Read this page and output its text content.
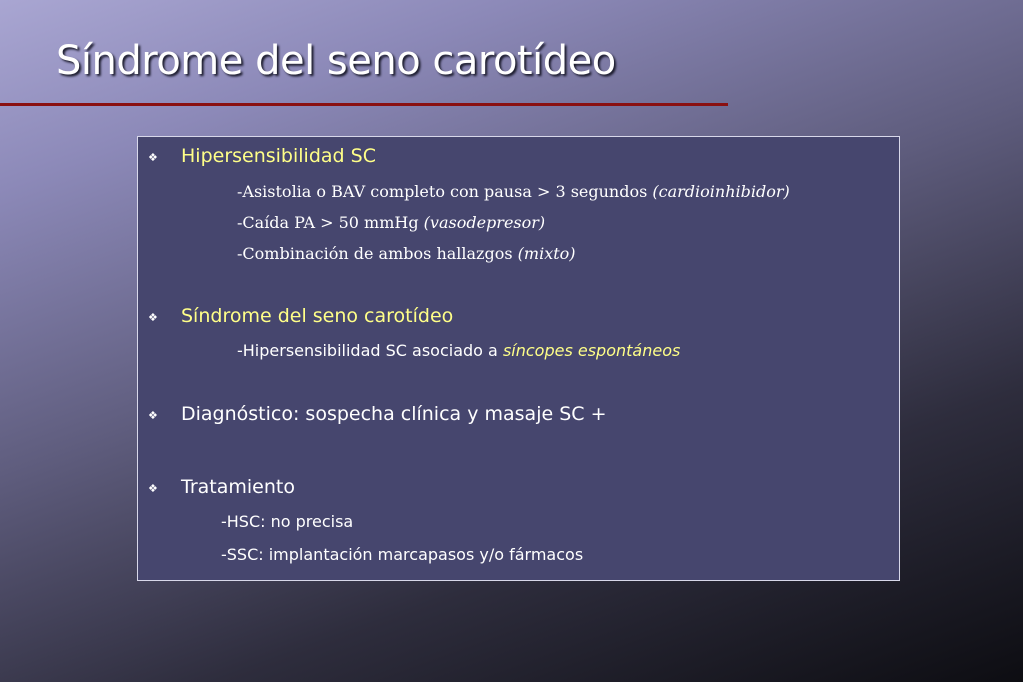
Síndrome del seno carotídeo
❖ Hipersensibilidad SC
-Asistolia o BAV completo con pausa > 3 segundos (cardioinhibidor)
-Caída PA > 50 mmHg (vasodepresor)
-Combinación de ambos hallazgos (mixto)
❖ Síndrome del seno carotídeo
-Hipersensibilidad SC asociado a síncopes espontáneos
❖ Diagnóstico: sospecha clínica y masaje SC +
❖ Tratamiento
-HSC: no precisa
-SSC: implantación marcapasos y/o fármacos
